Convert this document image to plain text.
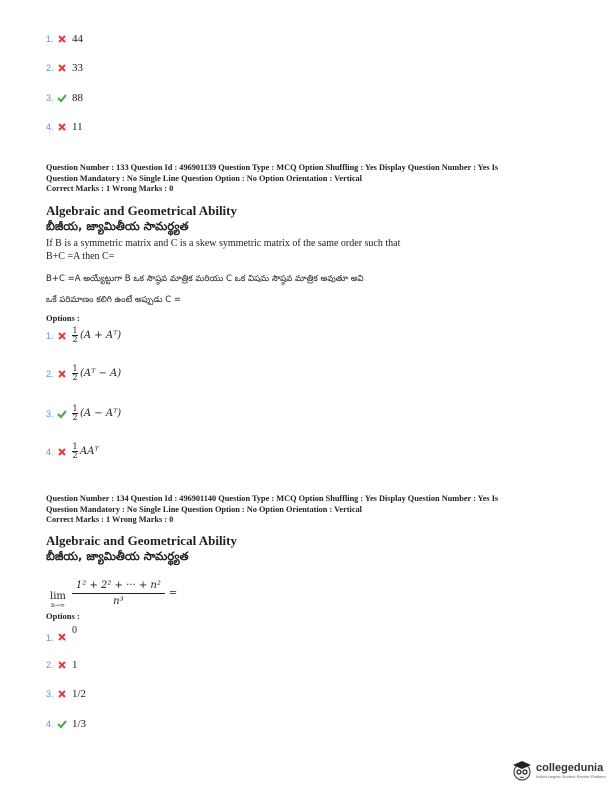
1. 44
2. 33
3. 88
4. 11
Question Number : 133 Question Id : 496901139 Question Type : MCQ Option Shuffling : Yes Display Question Number : Yes Is
Question Mandatory : No Single Line Question Option : No Option Orientation : Vertical
Correct Marks : 1 Wrong Marks : 0
Algebraic and Geometrical Ability
బీజీయ, జ్యామితీయ సామర్థ్యత
If B is a symmetric matrix and C is a skew symmetric matrix of the same order such that
B+C =A then C=
B+C =A అయ్యేట్టుగా B ఒక సౌష్ఠవ మాత్రిక మరియు C ఒక విషమ సౌష్ఠవ మాత్రిక అవుతూ అవి
ఒకే పరిమాణం కలిగి ఉంటే అప్పుడు C =
Options :
1.	$\frac{1}{2} (A$ + Aᵀ)
2.	$\frac{1}{2}$ (Aᵀ − A)
3.	$\frac{1}{2} (A$ − Aᵀ)
4.	$\frac{1}{2}$ AAᵀ
Question Number : 134 Question Id : 496901140 Question Type : MCQ Option Shuffling : Yes Display Question Number : Yes Is
Question Mandatory : No Single Line Question Option : No Option Orientation : Vertical
Correct Marks : 1 Wrong Marks : 0
Algebraic and Geometrical Ability
బీజీయ, జ్యామితీయ సామర్థ్యత
lim
n→∞
1² + 2² + ··· + n²
n³
=
Options :
1.
0
2. 1
3. 1/2
4. 1/3
collegedunia
India's largest Student Review Platform
